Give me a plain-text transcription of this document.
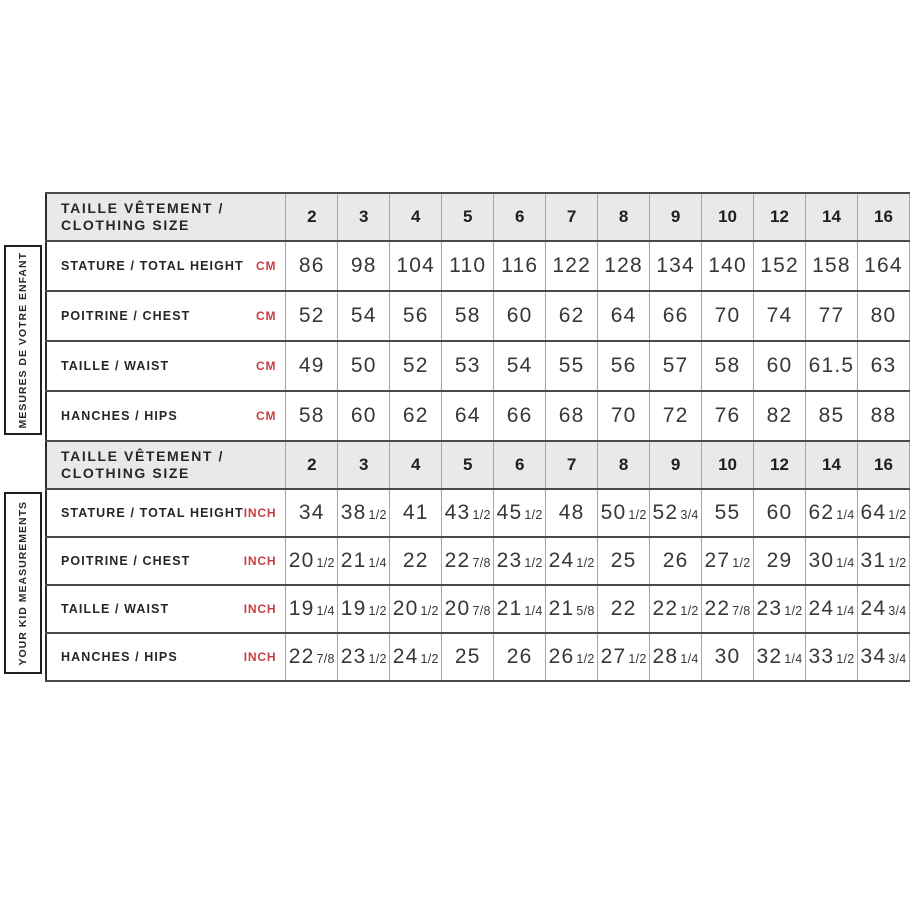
MESURES DE VOTRE ENFANT
YOUR KID MEASUREMENTS
TAILLE VÊTEMENT /
CLOTHING SIZE	2	3	4	5	6	7	8	9	10	12	14	16

STATURE / TOTAL HEIGHT CM	86	98	104	110	116	122	128	134	140	152	158	164

POITRINE / CHEST CM	52	54	56	58	60	62	64	66	70	74	77	80

TAILLE / WAIST CM	49	50	52	53	54	55	56	57	58	60	61.5	63

HANCHES / HIPS CM	58	60	62	64	66	68	70	72	76	82	85	88

TAILLE VÊTEMENT /
CLOTHING SIZE	2	3	4	5	6	7	8	9	10	12	14	16

STATURE / TOTAL HEIGHT INCH	34	38 1/2	41	43 1/2	45 1/2	48	50 1/2	52 3/4	55	60	62 1/4	64 1/2

POITRINE / CHEST INCH	20 1/2	21 1/4	22	22 7/8	23 1/2	24 1/2	25	26	27 1/2	29	30 1/4	31 1/2

TAILLE / WAIST INCH	19 1/4	19 1/2	20 1/2	20 7/8	21 1/4	21 5/8	22	22 1/2	22 7/8	23 1/2	24 1/4	24 3/4

HANCHES / HIPS INCH	22 7/8	23 1/2	24 1/2	25	26	26 1/2	27 1/2	28 1/4	30	32 1/4	33 1/2	34 3/4
